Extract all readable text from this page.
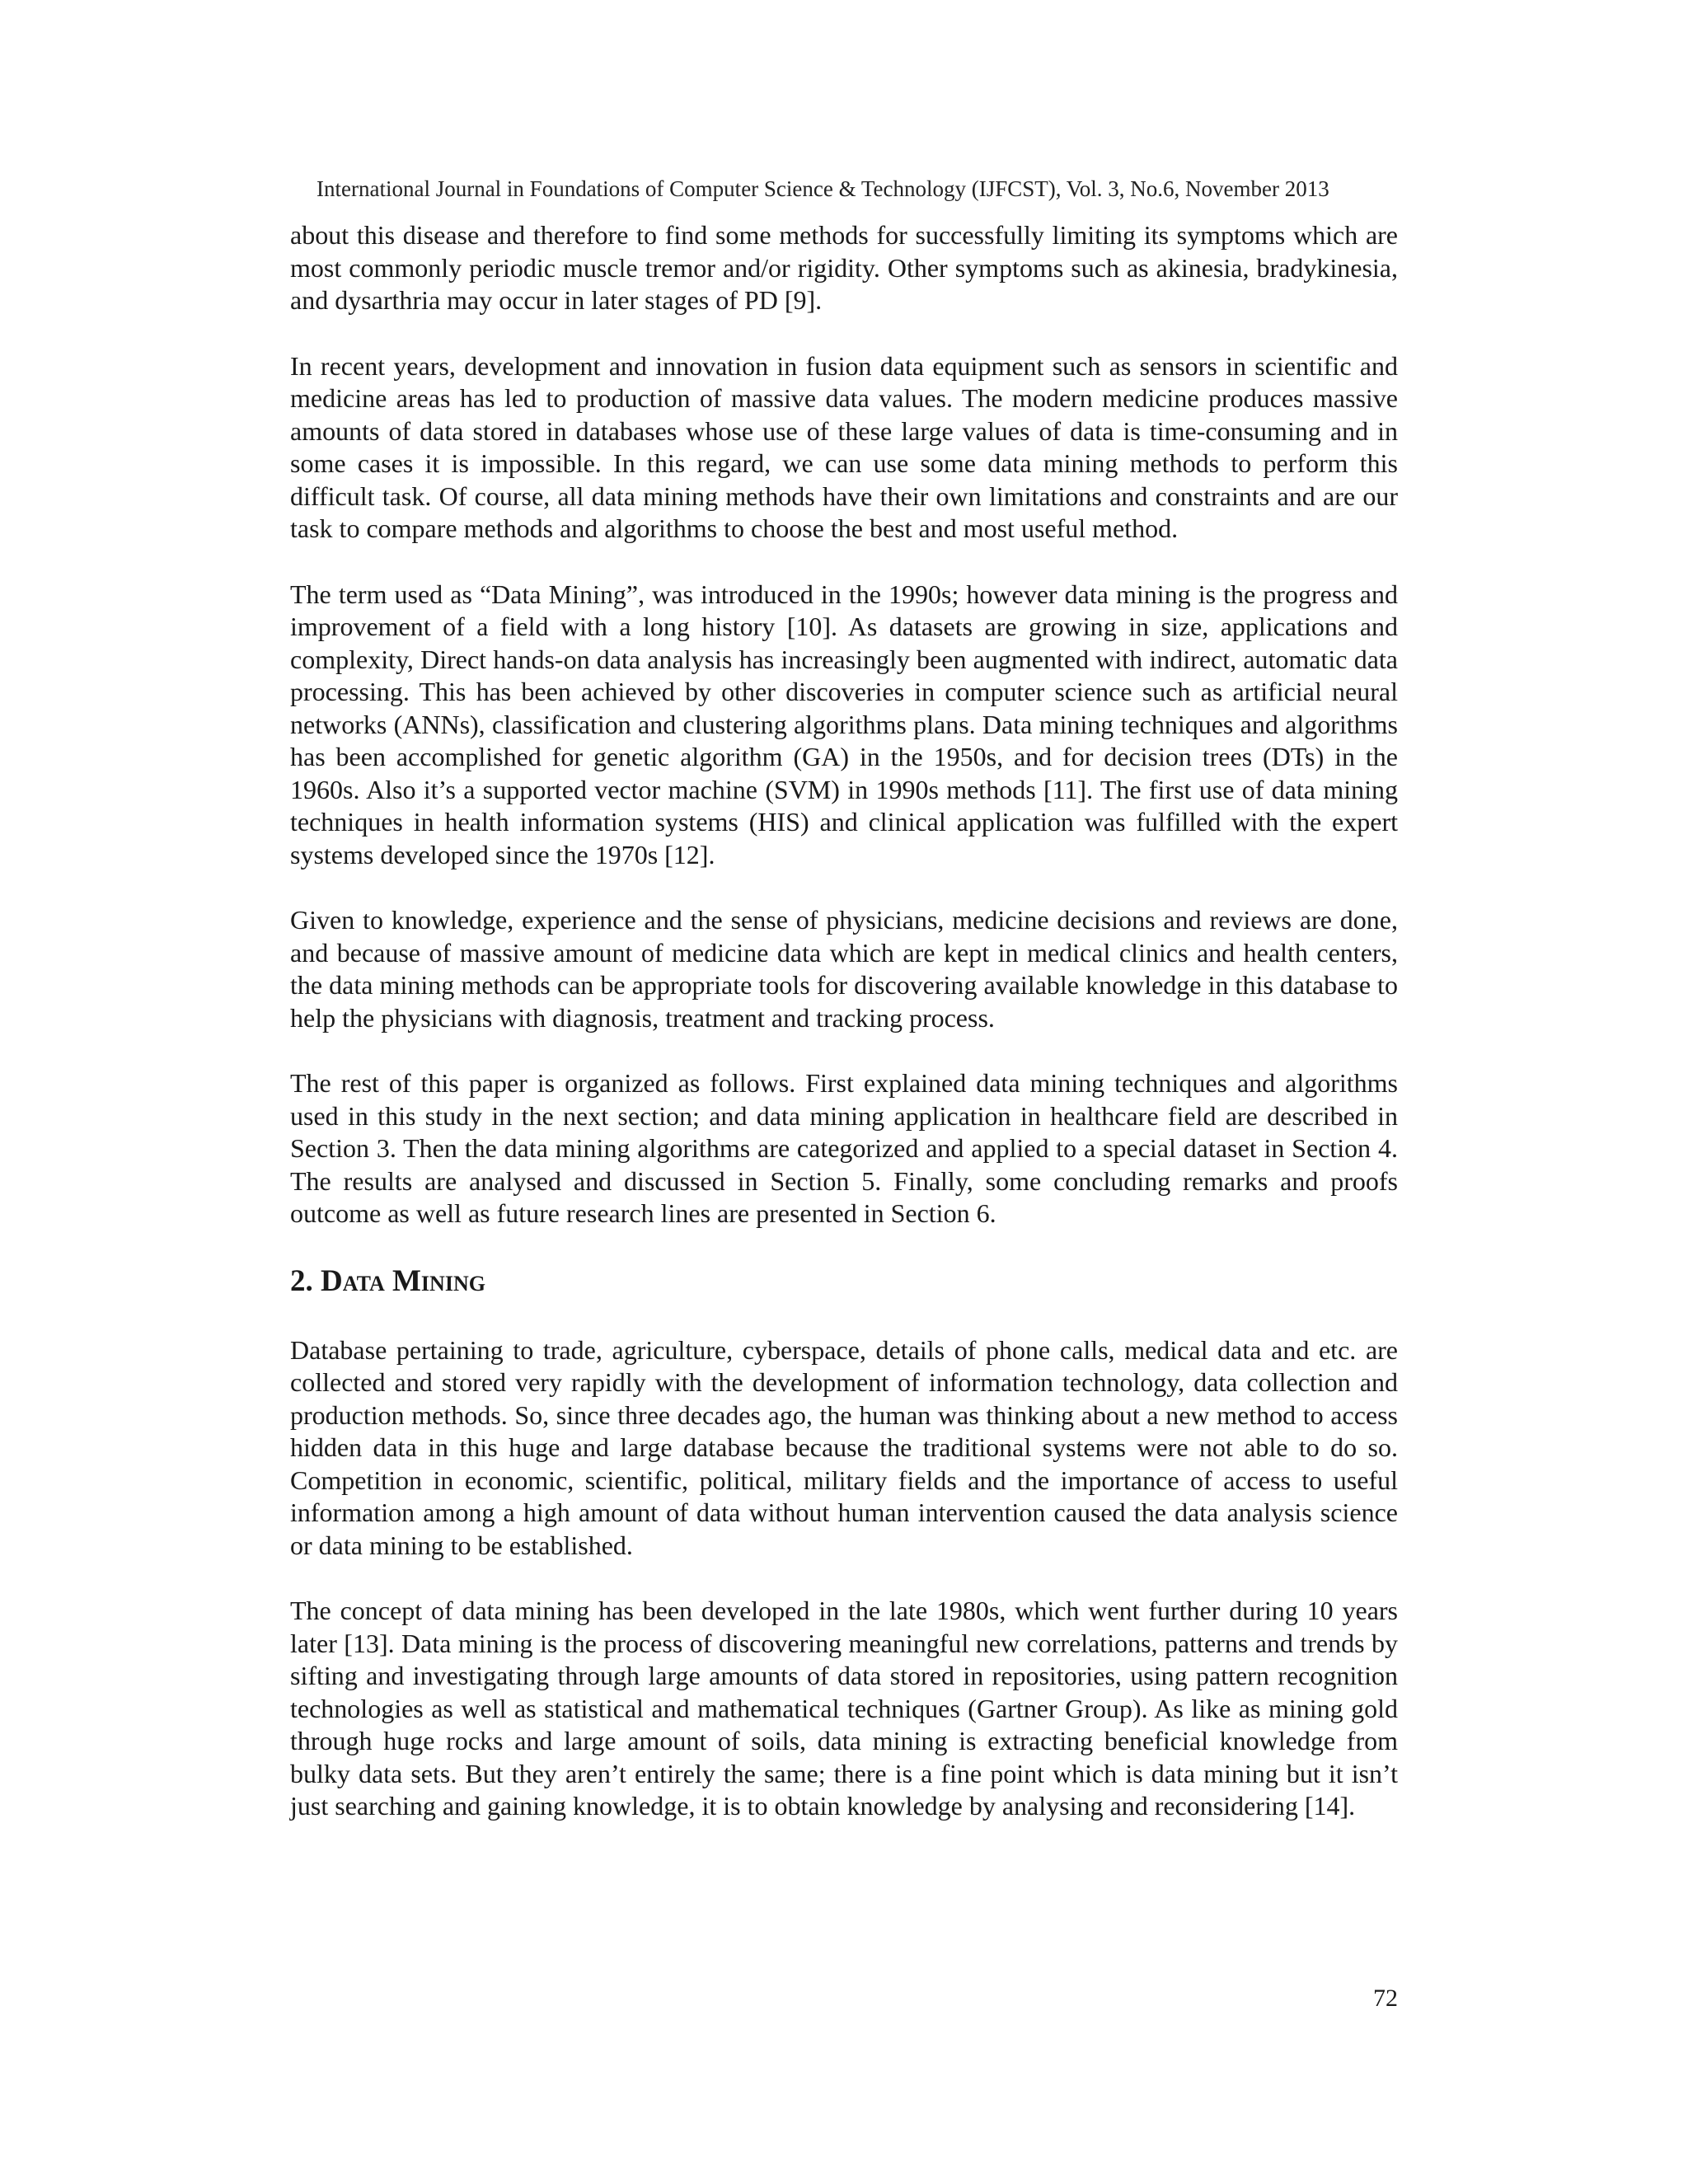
International Journal in Foundations of Computer Science & Technology (IJFCST), Vol. 3, No.6, November 2013

about this disease and therefore to find some methods for successfully limiting its symptoms which are most commonly periodic muscle tremor and/or rigidity. Other symptoms such as akinesia, bradykinesia, and dysarthria may occur in later stages of PD [9].

In recent years, development and innovation in fusion data equipment such as sensors in scientific and medicine areas has led to production of massive data values. The modern medicine produces massive amounts of data stored in databases whose use of these large values of data is time-consuming and in some cases it is impossible. In this regard, we can use some data mining methods to perform this difficult task. Of course, all data mining methods have their own limitations and constraints and are our task to compare methods and algorithms to choose the best and most useful method.

The term used as “Data Mining”, was introduced in the 1990s; however data mining is the progress and improvement of a field with a long history [10]. As datasets are growing in size, applications and complexity, Direct hands-on data analysis has increasingly been augmented with indirect, automatic data processing. This has been achieved by other discoveries in computer science such as artificial neural networks (ANNs), classification and clustering algorithms plans. Data mining techniques and algorithms has been accomplished for genetic algorithm (GA) in the 1950s, and for decision trees (DTs) in the 1960s. Also it’s a supported vector machine (SVM) in 1990s methods [11]. The first use of data mining techniques in health information systems (HIS) and clinical application was fulfilled with the expert systems developed since the 1970s [12].

Given to knowledge, experience and the sense of physicians, medicine decisions and reviews are done, and because of massive amount of medicine data which are kept in medical clinics and health centers, the data mining methods can be appropriate tools for discovering available knowledge in this database to help the physicians with diagnosis, treatment and tracking process.

The rest of this paper is organized as follows. First explained data mining techniques and algorithms used in this study in the next section; and data mining application in healthcare field are described in Section 3. Then the data mining algorithms are categorized and applied to a special dataset in Section 4. The results are analysed and discussed in Section 5. Finally, some concluding remarks and proofs outcome as well as future research lines are presented in Section 6.

2. Data Mining

Database pertaining to trade, agriculture, cyberspace, details of phone calls, medical data and etc. are collected and stored very rapidly with the development of information technology, data collection and production methods. So, since three decades ago, the human was thinking about a new method to access hidden data in this huge and large database because the traditional systems were not able to do so. Competition in economic, scientific, political, military fields and the importance of access to useful information among a high amount of data without human intervention caused the data analysis science or data mining to be established.

The concept of data mining has been developed in the late 1980s, which went further during 10 years later [13]. Data mining is the process of discovering meaningful new correlations, patterns and trends by sifting and investigating through large amounts of data stored in repositories, using pattern recognition technologies as well as statistical and mathematical techniques (Gartner Group). As like as mining gold through huge rocks and large amount of soils, data mining is extracting beneficial knowledge from bulky data sets. But they aren’t entirely the same; there is a fine point which is data mining but it isn’t just searching and gaining knowledge, it is to obtain knowledge by analysing and reconsidering [14].

72
